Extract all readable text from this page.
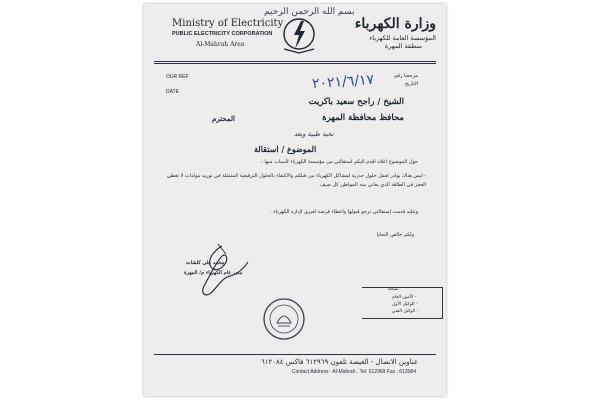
بسم الله الرحمن الرحيم
Ministry of Electricity
PUBLIC ELECTRICITY CORPORATION
Al-Mahrah Area
وزارة الكهرباء
المؤسسة العامة للكهرباء
منطقة المهرة
OUR REF
DATE
مرجعنا رقم
التاريخ
٢٠٢١/٦/١٧
الشيخ / راجح سعيد باكريت
محافظ محافظة المهرة
المحترم
تحية طيبة وبعد
الموضوع / استقالة
حول الموضوع اعلاه اقدم اليكم استقالتي من مؤسسة الكهرباء لأسباب منها :
- ليس هناك بوادر لعمل حلول جذرية لمشاكل الكهرباء من قبلكم والاكتفاء بالحلول الترقيعية المتمثلة في توريد مولدات لا تغطي العجز في الطاقة الذي يعاني منه المواطن كل صيف .
وعليه قدمت استقالتي نرجو قبولها واعطاء فرصة لغيري لإدارة الكهرباء .
ولكم خالص التحايا
محمد علي كلشات
مدير عام الكهرباء م/ المهرة
نسخة
- الأمين العام
- الوكيل الأول
- الوكيل الفني
عناوين الاتصال - الغيضة تلفون ٦١٢٩٦٩ فاكس ٦١٢٠٨٤
Contact Address : Al-Mahrah . Tel: 612969 Fax : 612084
